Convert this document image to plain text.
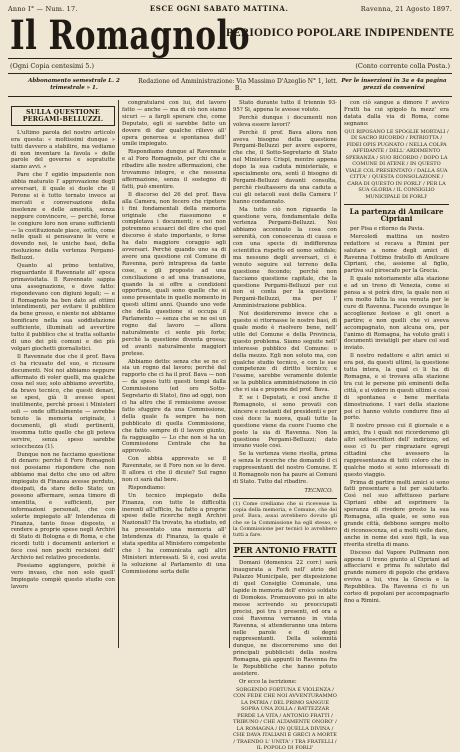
Anno I° — Num. 17.	ESCE OGNI SABATO MATTINA.	Ravenna, 21 Agosto 1897.
Il Romagnolo
PERIODICO POPOLARE INDIPENDENTE
(Ogni Copia centesimi 5.)	(Conto corrente colla Posta.)
Abbonamento semestrale L. 2 trimestrale » 1.
Redazione ed Amministrazione: Via Massimo D'Azeglio N° 1, lett. B.
Per le inserzioni in 3a e 4a pagina prezzi da convenirsi
SULLA QUESTIONE PERGAMI-BELLUZZI.

L'ultimo parola del nostro articolo era questa: « moltissimi dunque » tutti davvero a stabilire, ma vediamo di non inventare la favola » delle parole del governo e sopratutte siamo avvi. »

Pare che l' egidio impaziente non abbia maturato l' approvazione degli avversari, il quale si duole che il Perone si è tutto tornato invece ai mercati e conversazione della insolenze e delle amenità, senza neppure convincere, — perchè, forse le congiure loro non erano sufficienti — la costituzionale piace, sotto, come nelle quali si pensavano le vere e dovendo noi, le uniche basi, della risoluzione della vertenza Pergami-Belluzzi.

Quanto al primo tentativo, risguardante il Ravennate all' epoca primavisitata. Il Ravennate sappia una assegnazione, e dove fatto: rispondevano con digiuni legali; — e il Romagnolo ha ben dato ad ottimi intendimenti, per evitare il pubblico da bene grosso, e niente noi abbiamo bonificare nella sua soddisfazione sufficiente, illuminati ad avvertire tutto il pubblico che si tratta soltanto di uno dei più comuni e dei più volgari giochetti giornalistici.

Il Ravennate due che il prof. Bava ci ha ricusato del suo, e ricusare documenti. Noi noi abbiamo neppure affermato di voler quelli, ma qualche cosa nel suo; solo abbiamo avvertito, da bravo tecnico, che questi denari, se spesi, già li avesse spesi inutilmente, perchè prossi i Ministeri soli — onde ufficialmente — avrebbe tenuto la memoria originale, i documenti, gli studi pertinenti, insomma tutto quello che gli poteva servire, senza speso sarebbe sciocchezza (1).

Dunque non ne facciamo questione di denaro: perchè il Foro Romagnoli noi possiamo rispondere che non abbiamo mai detto che uno od altro impiegato di Finanza avesse perduto, dissipati, da stare dello Stato; un possono affermare, senza timore di smentita, e sufficienti, per informazioni personali, che con solerte impiegato all' Intendenza di Finanza, tanto fosse disposto, e rendere a proprie spese negli Archivi di Stato di Bologna e di Roma, e che ricordi tutti i documenti anteriori e fece così non pochi recisioni dell' Archivio nel relativo precedente.

Possiamo aggiungere, poichè è vero invaso, che non solo quell' Impiegato compiè questo studio con lavoro

congratularsi con lui, del lavoro fatto — anche — ma di ciò non siamo sicuri — a fargli sperare che, come Deputato, egli si sarebbe fatto un dovere di dar qualche rilievo all' opera generosa e spontanea dell' umile impiegato.

Rispondiamo dunque al Ravennate e al Foro Romagnolo, per chi che a ribadire alle nostre affermazioni, che trovammo integre, e che nessuna affermazione, senza il sostegno di fatti, può smentire.

Il discorso del 26 del prof. Bava alla Camera, non fecero che ripetere i fini fondamentali della memoria originale che riassumono e completava i documenti; e noi non potremmo scusarci del dire che quel discorso è stato importante, o forse ha dato maggiore coraggio agli avversari. Perchè quando uno sa di avere una questione col Comune di Ravenna, però intrapresa da tante cose, e gli proposto ad una conciliazione o ad una transazione, quando la si offre a condizioni opportune, quali sono quelle che si sono presentate in quello momento in questi ultimi anni. Quando uno vede che della questione si occupa il Parlamento — senza che se ne osi un rogno dal lavoro — allora naturalmente ci sente più forte; perchè la questione diventa grossa; ed avanti naturalmente maggiori pretese.

Abbiamo detto: senza che se ne ci sia un rogno dal lavoro; perchè dal rapporto che ci ha il prof. Bava — non — da speso tutti questi tempi dalla Commissione (ed oro Sotto-Segretario di Stato), fino ad oggi, non ci ha altro che il remissione avesse fatto sfuggire da una Commissione, della quale fa sempre ha non pubblicato di quella Commissione, che fatto sempre di il lavoro giunto, fa ragguaglio — Lo che non si ha un Commissione Centrale che ha approvato.

Con abbia approvato se il Ravennate, se il Foro non se lo deve. Il allora ci che il dicuie? Sul ragno non ci sarà dal bere.

Rispondiamo:

Un tecnico impiegato della Finanza, con tutte le difficoltà inerenti all'ufficio, ha fatto a proprie spese delle ricerche negli Archivi Nazionali? Ha trovato, ha studiato, ed ha presentato una memoria all' Intendenza di Finanza, la quale è stata spedita al Ministero competente che l ha comunicata agli altri Ministeri interessati. Si è, così avuta la soluzione al Parlamento di una Commissione sorta delle

Stato durante tutto il triennio 93-95? Si, appena le avesse voluto.

Perchè dunque i documenti non voleva essere lavori?

Perchè il prof. Bava aliora non aveva bisogno della questione Pergami-Belluzzi per avere esporre, che che, il Sotto-Segretario di Stato nel Ministero Crispi, mentre appena dopo la sua caduta ministeriale, e specialmente ora, sentì il bisogno di Pergami-Belluzzi davanti consulta, perchè risultassero da una caduta a cui gli ostacoli suoi della Camera l' hanno condannato.

Ma tutto ciò non riguarda la questione vera, fondamentale della vertenza Pergami-Belluzzi. Noi abbiamo accennato la cosa con serenità, con conoscenza di causa e con una specie di indifferenza scientifica rispetto ed uomo solidale; ma nessuno degli avversari, ci è venuto seguire sul terreno della questione fecondo; perchè non facciamo questione capitale, che la questione Pergami-Belluzzi per cui non si conta per la questione Pergami-Belluzzi, ma per l' Amministrazione pubblica.

Noi desidereremo invece che a questo si ritornasse le nostre basi, di quale modo è risolvere bene, nell' utile del Comune e della Provincia, questo problema. Siamo seguite nell' interesse pubblico del Comune: o della mezzo. Egli non soluto ma, con qualche studio tecnico, e con le sue competenze di diritto tecnico; e l'esame, sarebbe veramente dolente se la pubblica amministrazione in ciò che vi sia e propone del prof. Bava.

E se i Deputati, e così anche il Romagnolo, si sono provati con sincere e costanti del presidenti e per così doce la nuova, quali tutte la questione viene da cuore l'uomo che posto la sia di Ravenna. Non la questione Pergami-Belluzzi; dato invano vuole così.

Se la vertenza viene risolta, prima e senza le ricerche che domandò il ci rappresentanti del nostro Comune. E il Romagnolo non ha paure ai Comuni di Stato. Tutto dal ribadire.

TECNICO.
(1) Come crediamo che si ricevesse la copia della memoria, e Comune, che del prof. Bava, assai avrebbero dovuto gli che se la Commissione ha egli stesso, e la Commissione per tecnici lo avrebbero tutti a fare.
PER ANTONIO FRATTI

Domani (domenica 22 corr.) sarà inaugurata a Forlì nell' atrio del Palazzo Municipale, per disposizione di quel Consiglio Comunale, una lapide in memoria dell' eroico soldato di Domokos. Promuovono poi in alte messe scrivendo su preoccupati precisi, poi tra i presenti, ed ora a così Ravenna verranno in vista Ravenna, si attenderanno una intera nelle parole e di degni rappresentanti. Della solennità dunque, ne discorreremo uno dei principali pubblicisti della nostra Romagna, già appunti in Ravenna fra le Repubbliche che hanno potuto assistere.

Or ecco la iscrizione:

SORGENDO FORTUNA E VIOLENZA / CON FEDE CHE NOI AVVENTURAMMO LA PATRIA / DEL PRIMO SANGUE SOPRA UNA ZOLLA / BATTEZZAR PERDE LA VITA / ANTONIO FRATTI / TRIBUNO / CHE ALTAMENTE ONORO' / LA ROMAGNA / IN QUELLA DIVINA / CHE DAVA ITALIANI E GRECI A MORTE / TRAENDO L' UNITA' / TRA FRATELLI / IL POPOLO DI FORLI'

con ciò sangue a dimore l' avvico Fratti ha cui spigolo fa mezz' era datata dalla via di Roma, come segnano:

QUI RIPOSANO LE SPOGLIE MORTALI / DI SACRO RICORDO / PATRIOTTA / FIDEI OPIS PUGNATO / NELLA COLPA AFFIDANTE / DELL' ARDIMENTO SPERANZA / SUO RICORDO / DOPO LA COMUNE DI ATENE / IN QUESTO VIALE COL PRESENTATO / DALLA SUA CITTA' / QUESTA CONSOLAZIONE / CARA DI QUESTO IN FORLI' / PER LA SUA GLORIA / IL CONSIGLIO MUNICIPALE DI FORLI'

La partenza di Amilcare Cipriani

per Pisa e ritorno da Pavia.

Mercoledì mattina un nostro redattore si recava a Rimini per salutare a nome degli amici di Ravenna l'ottimo fratello di Amilcare Cipriani, che, assieme al figlio, partiva sul piroscafo per la Grecia.

Il quale notoriamente alla stazione e ad un treno di Venezia, come si pensa a si potrà dire, la quale non si era molto fatta la sua venuta per le cure di Ravenna. Facendo ovunque le accoglienze festose e gli onori a partire; e non quelli che vi aveva accompagnato, non alcuna ora, per l'animo di Romagna, ha voluto grati i documenti inviatigli per stare col sud inviato.

Il nostro redattore e altri amici si era poi, da questi ultimi, la questione tutta intera, la qual ci li ha di Romagna, e si trovava alla stazione tra cui le persone più eminenti della città, e si videro in questi ultimi e così di spontanea e bene meritata dimostrazione. I vari della stazione poi ci hanno voluto condurre fino al porto.

Il nostro presso cui il giornale e a amici, fra i quali noi ricorderemo gli altri sottoscrittori dell' indirizzo, ed esso ci fu per ringraziare egregi cittadini che avessero la rappresentanza di tutti coloro che in qualche modo si sono interessati di questo viaggio.

Prima di partire molti amici si sono fatti presentare a lui per salutarlo. Così nel suo affettuoso parlare Cipriani ebbe ad esprimere la speranza di rivedere presto la sua Romagna, alla quale, se sono sua grande città, debbono sempre molto di riconoscenza, ed a molti volle dare, anche in nome dei suoi figli, la sua riverita stretta di mano.

Disceso dal Vapore Pullmann non appena il treno giunto al Cipriani ad affacciarsi e prima fu salutato dal grande numero di popolo che gridava evviva a lui, viva la Grecia e la Repubblica. Da Ravenna ci fu un corteo di popolani per accompagnarlo fino a Rimini.
